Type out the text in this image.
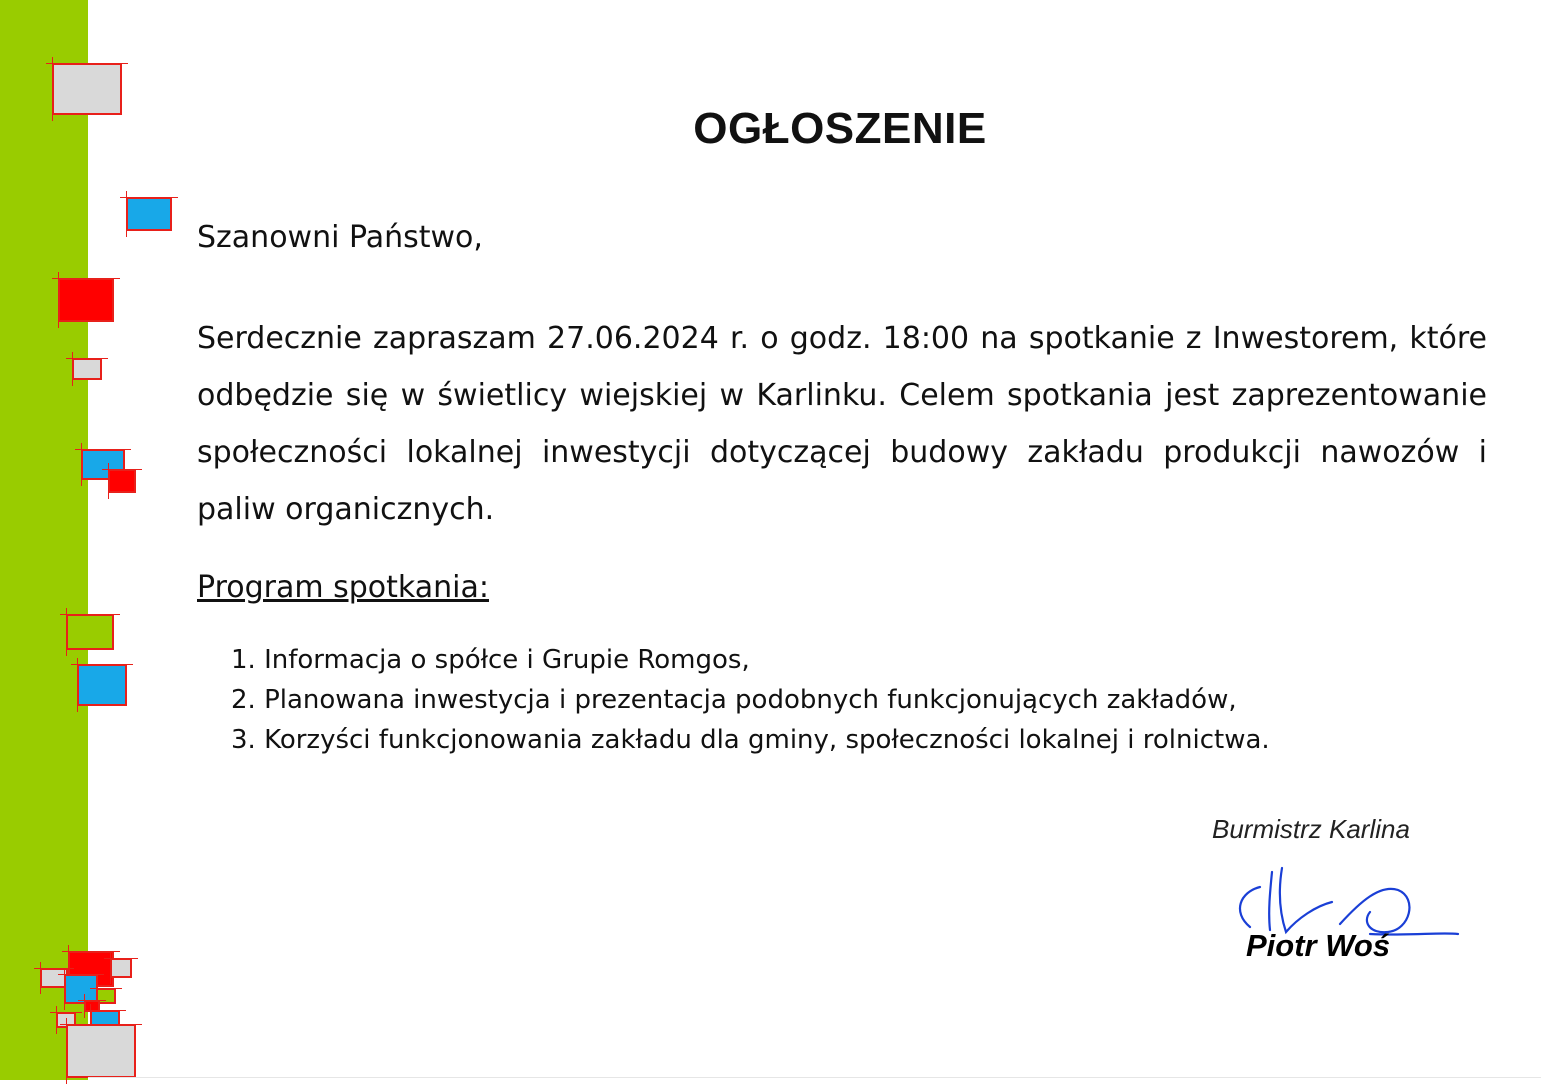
OGŁOSZENIE
Szanowni Państwo,
Serdecznie zapraszam 27.06.2024 r. o godz. 18:00 na spotkanie z Inwestorem, które odbędzie się w świetlicy wiejskiej w Karlinku. Celem spotkania jest zaprezentowanie społeczności lokalnej inwestycji dotyczącej budowy zakładu produkcji nawozów i paliw organicznych.
Program spotkania:
1. Informacja o spółce i Grupie Romgos,
2. Planowana inwestycja i prezentacja podobnych funkcjonujących zakładów,
3. Korzyści funkcjonowania zakładu dla gminy, społeczności lokalnej i rolnictwa.
Burmistrz Karlina
Piotr Woś
